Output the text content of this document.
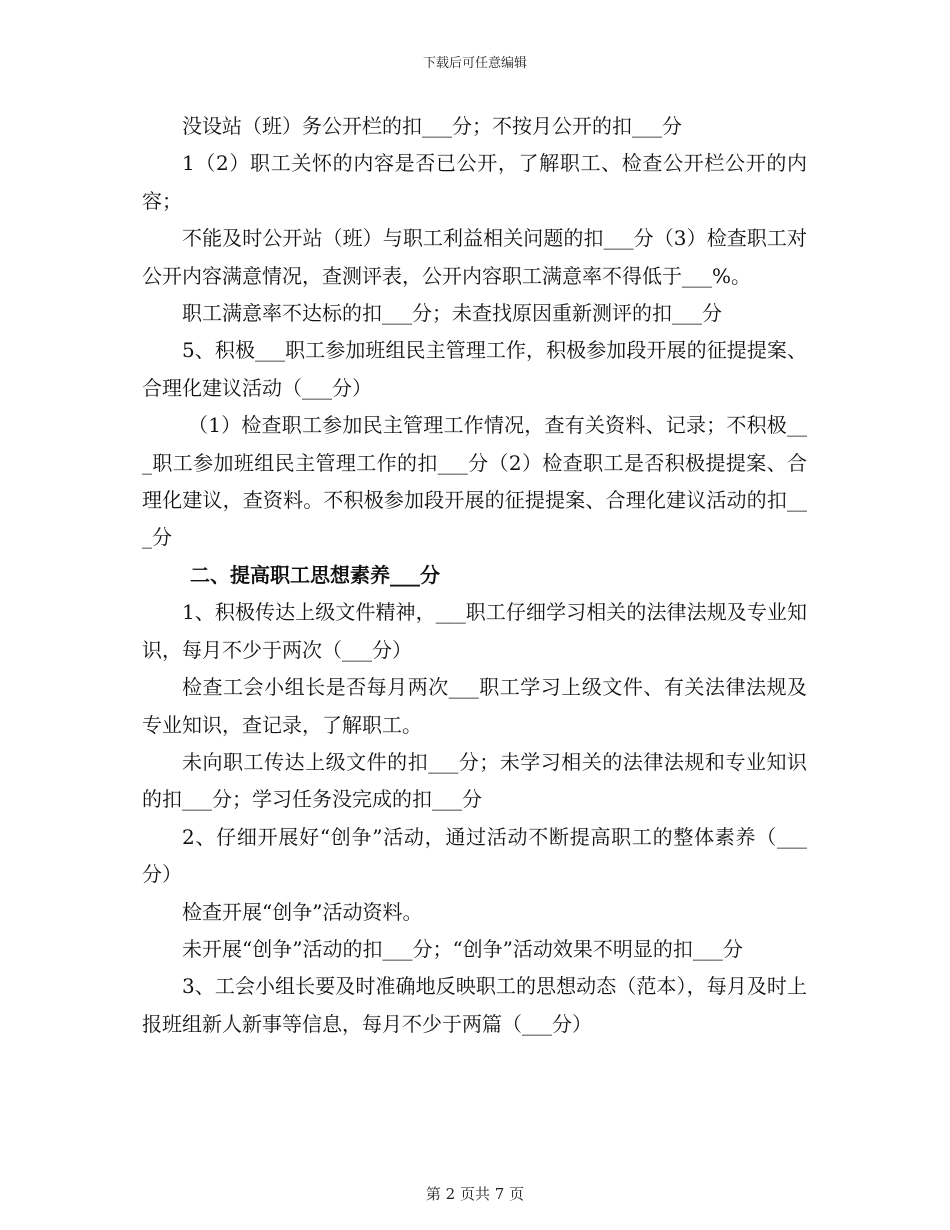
下载后可任意编辑

没设站（班）务公开栏的扣___分；不按月公开的扣___分

1（2）职工关怀的内容是否已公开，了解职工、检查公开栏公开的内容；

不能及时公开站（班）与职工利益相关问题的扣___分（3）检查职工对公开内容满意情况，查测评表，公开内容职工满意率不得低于___%。

职工满意率不达标的扣___分；未查找原因重新测评的扣___分

5、积极___职工参加班组民主管理工作，积极参加段开展的征提提案、合理化建议活动（___分）

（1）检查职工参加民主管理工作情况，查有关资料、记录；不积极___职工参加班组民主管理工作的扣___分（2）检查职工是否积极提提案、合理化建议，查资料。不积极参加段开展的征提提案、合理化建议活动的扣___分

二、提高职工思想素养___分

1、积极传达上级文件精神，___职工仔细学习相关的法律法规及专业知识，每月不少于两次（___分）

检查工会小组长是否每月两次___职工学习上级文件、有关法律法规及专业知识，查记录，了解职工。

未向职工传达上级文件的扣___分；未学习相关的法律法规和专业知识的扣___分；学习任务没完成的扣___分

2、仔细开展好“创争”活动，通过活动不断提高职工的整体素养（___分）

检查开展“创争”活动资料。

未开展“创争”活动的扣___分；“创争”活动效果不明显的扣___分

3、工会小组长要及时准确地反映职工的思想动态（范本），每月及时上报班组新人新事等信息，每月不少于两篇（___分）

第 2 页共 7 页
